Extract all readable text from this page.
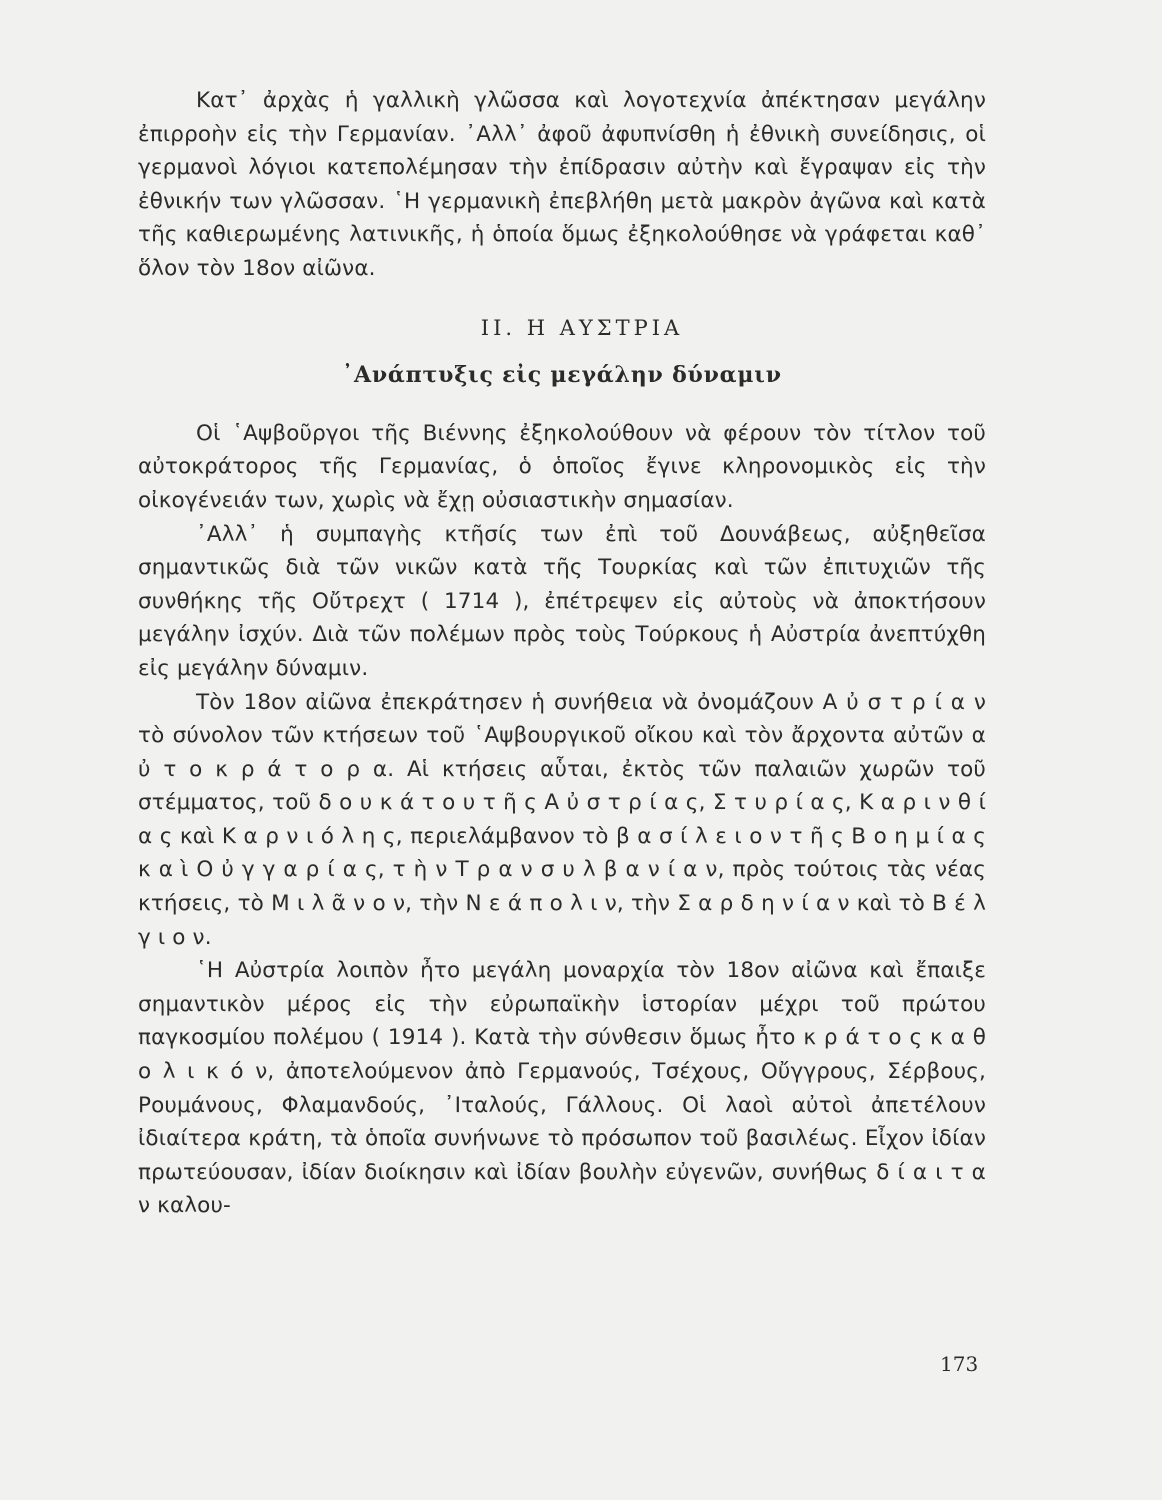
Κατ᾽ ἀρχὰς ἡ γαλλικὴ γλῶσσα καὶ λογοτεχνία ἀπέκτησαν μεγάλην ἐπιρροὴν εἰς τὴν Γερμανίαν. ᾽Αλλ᾽ ἀφοῦ ἀφυπνίσθη ἡ ἐθνικὴ συνείδησις, οἱ γερμανοὶ λόγιοι κατεπολέμησαν τὴν ἐπίδρασιν αὐτὴν καὶ ἔγραψαν εἰς τὴν ἐθνικήν των γλῶσσαν. ῾Η γερμανικὴ ἐπεβλήθη μετὰ μακρὸν ἀγῶνα καὶ κατὰ τῆς καθιερωμένης λατινικῆς, ἡ ὁποία ὅμως ἐξηκολούθησε νὰ γράφεται καθ᾽ ὅλον τὸν 18ον αἰῶνα.

II. Η ΑΥΣΤΡΙΑ
᾽Ανάπτυξις εἰς μεγάλην δύναμιν

Οἱ ῾Αψβοῦργοι τῆς Βιέννης ἐξηκολούθουν νὰ φέρουν τὸν τίτλον τοῦ αὐτοκράτορος τῆς Γερμανίας, ὁ ὁποῖος ἔγινε κληρονομικὸς εἰς τὴν οἰκογένειάν των, χωρὶς νὰ ἔχῃ οὐσιαστικὴν σημασίαν.

᾽Αλλ᾽ ἡ συμπαγὴς κτῆσίς των ἐπὶ τοῦ Δουνάβεως, αὐξηθεῖσα σημαντικῶς διὰ τῶν νικῶν κατὰ τῆς Τουρκίας καὶ τῶν ἐπιτυχιῶν τῆς συνθήκης τῆς Οὔτρεχτ ( 1714 ), ἐπέτρεψεν εἰς αὐτοὺς νὰ ἀποκτήσουν μεγάλην ἰσχύν. Διὰ τῶν πολέμων πρὸς τοὺς Τούρκους ἡ Αὐστρία ἀνεπτύχθη εἰς μεγάλην δύναμιν.

Τὸν 18ον αἰῶνα ἐπεκράτησεν ἡ συνήθεια νὰ ὀνομάζουν Α ὐ σ τ ρ ί α ν τὸ σύνολον τῶν κτήσεων τοῦ ῾Αψβουργικοῦ οἴκου καὶ τὸν ἄρχοντα αὐτῶν α ὐ τ ο κ ρ ά τ ο ρ α. Αἱ κτήσεις αὗται, ἐκτὸς τῶν παλαιῶν χωρῶν τοῦ στέμματος, τοῦ δ ο υ κ ά τ ο υ τ ῆ ς Α ὐ σ τ ρ ί α ς, Σ τ υ ρ ί α ς, Κ α ρ ι ν θ ί α ς καὶ Κ α ρ ν ι ό λ η ς, περιελάμβανον τὸ β α σ ί λ ε ι ο ν τ ῆ ς Β ο η μ ί α ς κ α ὶ Ο ὐ γ γ α ρ ί α ς, τ ὴ ν Τ ρ α ν σ υ λ β α ν ί α ν, πρὸς τούτοις τὰς νέας κτήσεις, τὸ Μ ι λ ᾶ ν ο ν, τὴν Ν ε ά π ο λ ι ν, τὴν Σ α ρ δ η ν ί α ν καὶ τὸ Β έ λ γ ι ο ν.

῾Η Αὐστρία λοιπὸν ἦτο μεγάλη μοναρχία τὸν 18ον αἰῶνα καὶ ἔπαιξε σημαντικὸν μέρος εἰς τὴν εὐρωπαϊκὴν ἱστορίαν μέχρι τοῦ πρώτου παγκοσμίου πολέμου ( 1914 ). Κατὰ τὴν σύνθεσιν ὅμως ἦτο κ ρ ά τ ο ς κ α θ ο λ ι κ ό ν, ἀποτελούμενον ἀπὸ Γερμανούς, Τσέχους, Οὔγγρους, Σέρβους, Ρουμάνους, Φλαμανδούς, ᾽Ιταλούς, Γάλλους. Οἱ λαοὶ αὐτοὶ ἀπετέλουν ἰδιαίτερα κράτη, τὰ ὁποῖα συνήνωνε τὸ πρόσωπον τοῦ βασιλέως. Εἶχον ἰδίαν πρωτεύουσαν, ἰδίαν διοίκησιν καὶ ἰδίαν βουλὴν εὐγενῶν, συνήθως δ ί α ι τ α ν καλου-

173
